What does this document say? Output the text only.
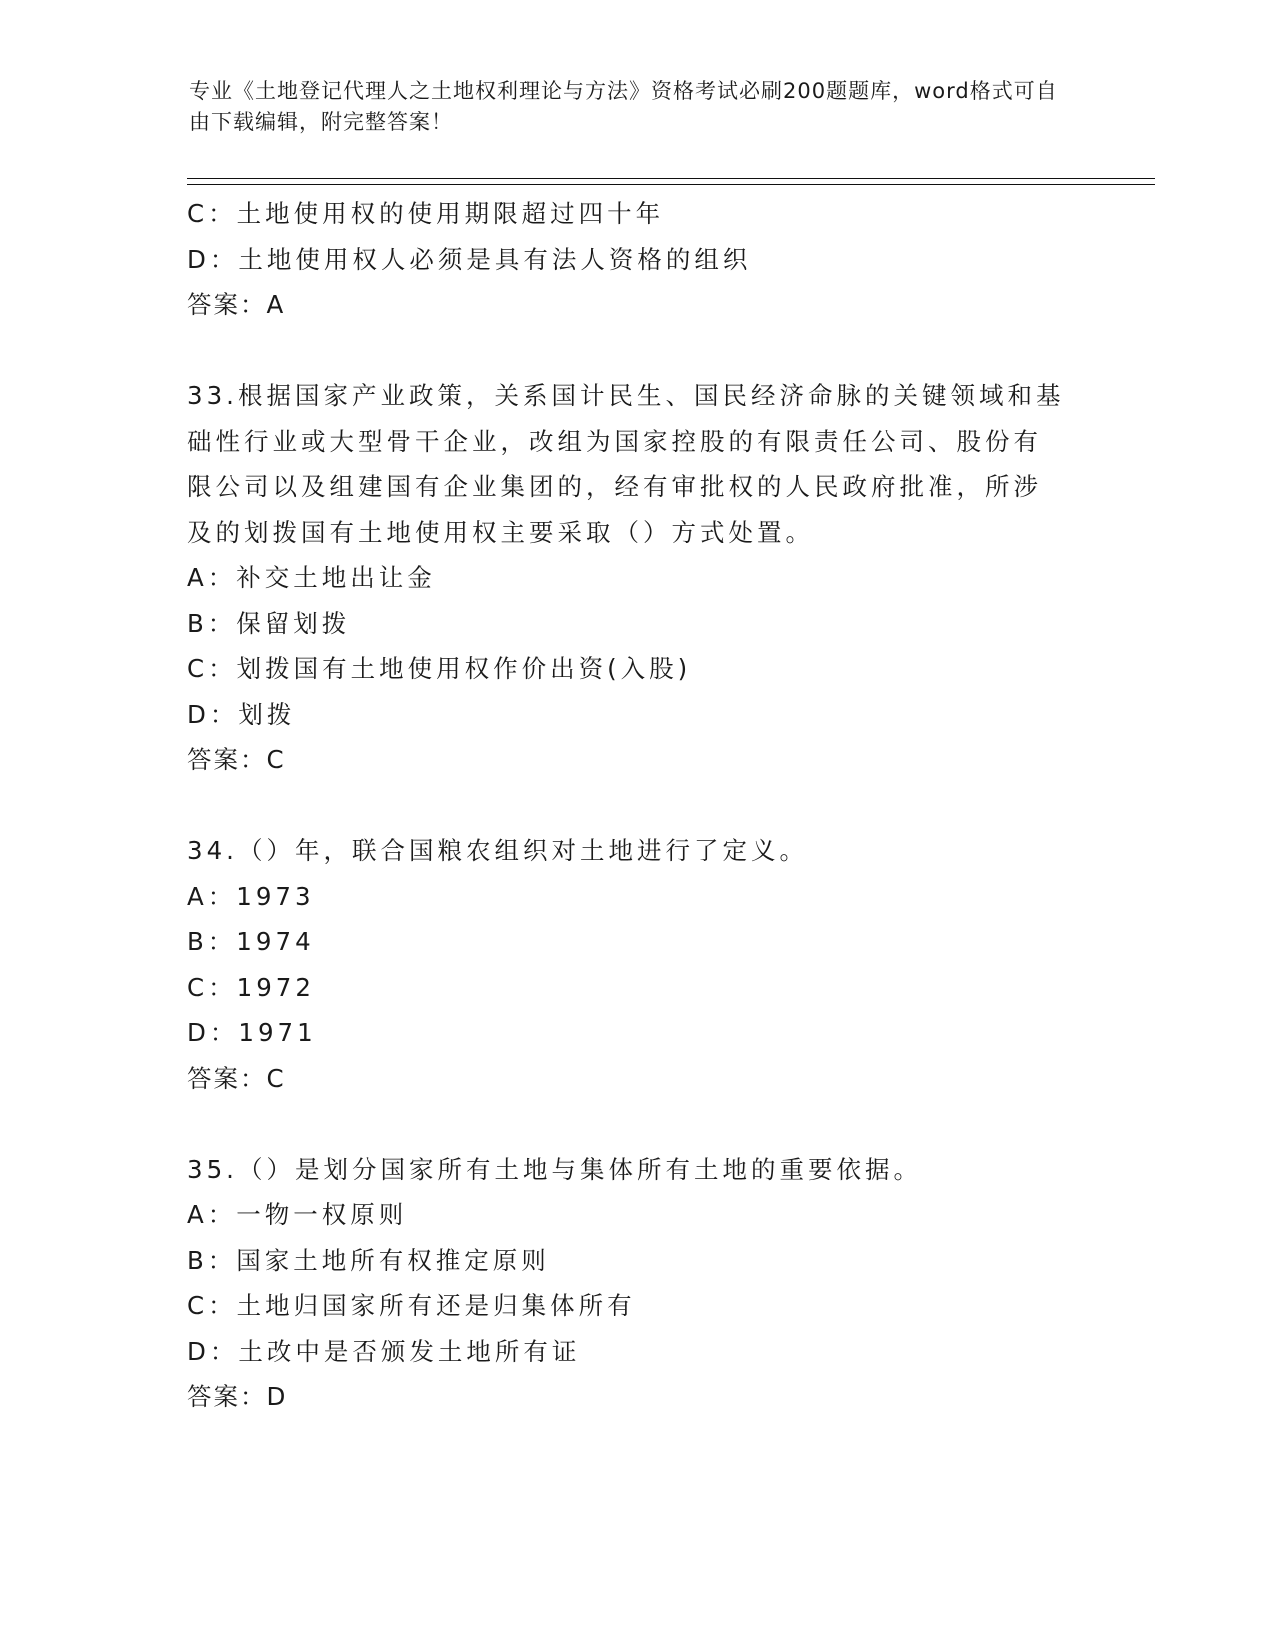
专业《土地登记代理人之土地权利理论与方法》资格考试必刷200题题库，word格式可自由下载编辑，附完整答案！

C：土地使用权的使用期限超过四十年

D：土地使用权人必须是具有法人资格的组织

答案：A

33.根据国家产业政策，关系国计民生、国民经济命脉的关键领域和基础性行业或大型骨干企业，改组为国家控股的有限责任公司、股份有限公司以及组建国有企业集团的，经有审批权的人民政府批准，所涉及的划拨国有土地使用权主要采取（）方式处置。

A：补交土地出让金

B：保留划拨

C：划拨国有土地使用权作价出资(入股)

D：划拨

答案：C

34.（）年，联合国粮农组织对土地进行了定义。

A：1973

B：1974

C：1972

D：1971

答案：C

35.（）是划分国家所有土地与集体所有土地的重要依据。

A：一物一权原则

B：国家土地所有权推定原则

C：土地归国家所有还是归集体所有

D：土改中是否颁发土地所有证

答案：D
